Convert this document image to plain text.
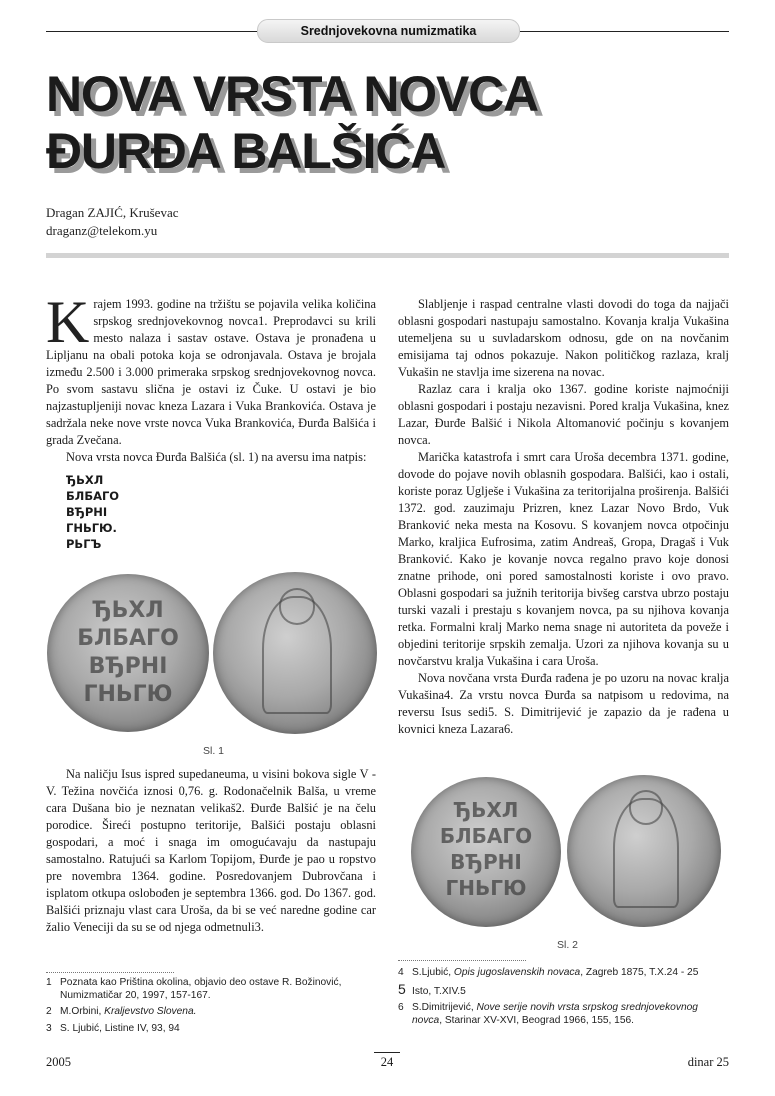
Srednjovekovna numizmatika
NOVA VRSTA NOVCA
ĐURĐA BALŠIĆA
Dragan ZAJIĆ, Kruševac
draganz@telekom.yu

Krajem 1993. godine na tržištu se pojavila velika količina srpskog srednjovekovnog novca1. Preprodavci su krili mesto nalaza i sastav ostave. Ostava je pronađena u Lipljanu na obali potoka koja se odronjavala. Ostava je brojala između 2.500 i 3.000 primeraka srpskog srednjovekovnog novca. Po svom sastavu slična je ostavi iz Čuke. U ostavi je bio najzastupljeniji novac kneza Lazara i Vuka Brankovića. Ostava je sadržala neke nove vrste novca Vuka Brankovića, Đurđa Balšića i grada Zvečana.

Nova vrsta novca Đurđa Balšića (sl. 1) na aversu ima natpis:

ЂЬХЛ
БЛБАГО
ВЂРНІ
ГНЬГЮ.
РЬГЪ
ЂЬХЛ
БЛБАГО
ВЂРНІ
ГНЬГЮ
Sl. 1

Na naličju Isus ispred supedaneuma, u visini bokova sigle V - V. Težina novčića iznosi 0,76. g. Rodonačelnik Balša, u vreme cara Dušana bio je neznatan velikaš2. Đurđe Balšić je na čelu porodice. Šireći postupno teritorije, Balšići postaju oblasni gospodari, a moć i snaga im omogućavaju da nastupaju samostalno. Ratujući sa Karlom Topijom, Đurđe je pao u ropstvo pre novembra 1364. godine. Posredovanjem Dubrovčana i isplatom otkupa oslobođen je septembra 1366. god. Do 1367. god. Balšići priznaju vlast cara Uroša, da bi se već naredne godine car žalio Veneciji da su se od njega odmetnuli3.

Slabljenje i raspad centralne vlasti dovodi do toga da najjači oblasni gospodari nastupaju samostalno. Kovanja kralja Vukašina utemeljena su u suvladarskom odnosu, gde on na novčanim emisijama taj odnos pokazuje. Nakon političkog razlaza, kralj Vukašin ne stavlja ime sizerena na novac.

Razlaz cara i kralja oko 1367. godine koriste najmoćniji oblasni gospodari i postaju nezavisni. Pored kralja Vukašina, knez Lazar, Đurđe Balšić i Nikola Altomanović počinju s kovanjem novca.

Marička katastrofa i smrt cara Uroša decembra 1371. godine, dovode do pojave novih oblasnih gospodara. Balšići, kao i ostali, koriste poraz Uglješe i Vukašina za teritorijalna proširenja. Balšići 1372. god. zauzimaju Prizren, knez Lazar Novo Brdo, Vuk Branković neka mesta na Kosovu. S kovanjem novca otpočinju Marko, kraljica Eufrosima, zatim Andreaš, Gropa, Dragaš i Vuk Branković. Kako je kovanje novca regalno pravo koje donosi znatne prihode, oni pored samostalnosti koriste i ovo pravo. Oblasni gospodari sa južnih teritorija bivšeg carstva ubrzo postaju turski vazali i prestaju s kovanjem novca, pa su njihova kovanja retka. Formalni kralj Marko nema snage ni autoriteta da poveže i objedini teritorije srpskih zemalja. Uzori za njihova kovanja su u novčarstvu kralja Vukašina i cara Uroša.

Nova novčana vrsta Đurđa rađena je po uzoru na novac kralja Vukašina4. Za vrstu novca Đurđa sa natpisom u redovima, na reversu Isus sedi5. S. Dimitrijević je zapazio da je rađena u kovnici kneza Lazara6.

ЂЬХЛ
БЛБАГО
ВЂРНІ
ГНЬГЮ
Sl. 2
1 Poznata kao Priština okolina, objavio deo ostave R. Božinović,
Numizmatičar 20, 1997, 157-167.
2 M.Orbini, Kraljevstvo Slovena.
3 S. Ljubić, Listine IV, 93, 94
4 S.Ljubić, Opis jugoslavenskih novaca, Zagreb 1875, T.X.24 - 25
5 Isto, T.XIV.5
6 S.Dimitrijević, Nove serije novih vrsta srpskog srednjovekovnog novca, Starinar XV-XVI, Beograd 1966, 155, 156.
2005	24	dinar 25
